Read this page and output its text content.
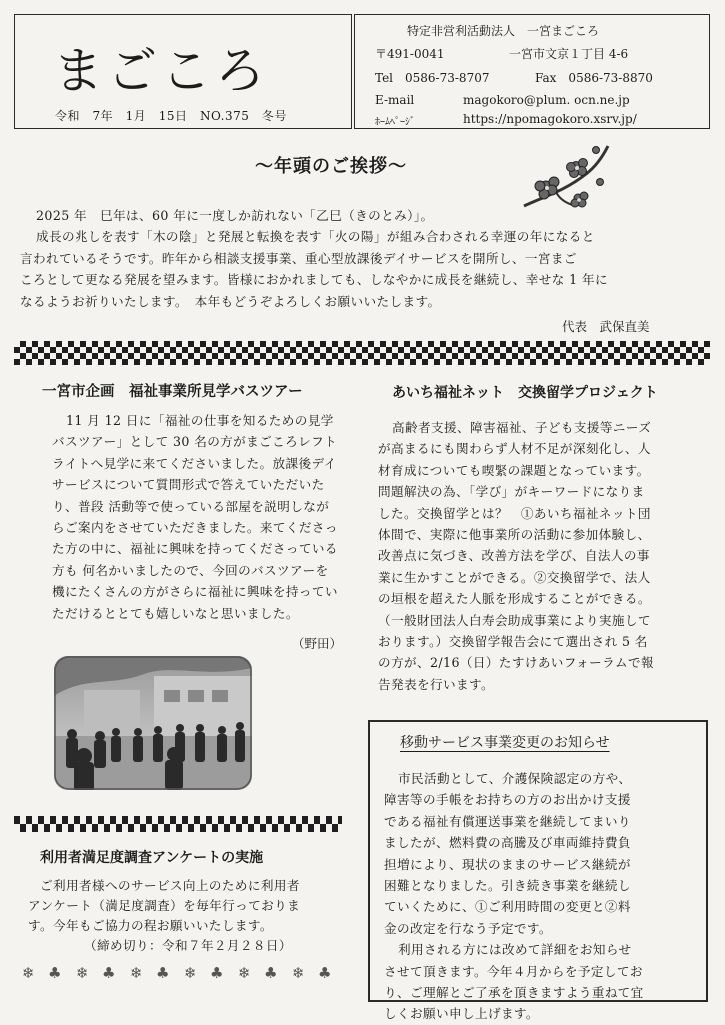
まごころ
令和　7年　1月　15日　NO.375　冬号
特定非営利活動法人　一宮まごころ
〒491-0041	一宮市文京１丁目 4-6
Tel　0586-73-8707	Fax　0586-73-8870
E-mail	magokoro@plum. ocn.ne.jp
ﾎｰﾑﾍﾟｰｼﾞ	https://npomagokoro.xsrv.jp/
～年頭のご挨拶～

2025 年　巳年は、60 年に一度しか訪れない「乙巳（きのとみ）」。

成長の兆しを表す「木の陰」と発展と転換を表す「火の陽」が組み合わされる幸運の年になると

言われているそうです。昨年から相談支援事業、重心型放課後デイサービスを開所し、一宮まご

ころとして更なる発展を望みます。皆様におかれましても、しなやかに成長を継続し、幸せな 1 年に

なるようお祈りいたします。　本年もどうぞよろしくお願いいたします。

代表　武保直美
一宮市企画　福祉事業所見学バスツアー

11 月 12 日に「福祉の仕事を知るための見学

バスツアー」として 30 名の方がまごころレフト

ライトへ見学に来てくださいました。放課後デイ

サービスについて質問形式で答えていただいた

り、普段 活動等で使っている部屋を説明しなが

らご案内をさせていただきました。来てくださっ

た方の中に、福祉に興味を持ってくださっている

方も 何名かいましたので、今回のバスツアーを

機にたくさんの方がさらに福祉に興味を持ってい

ただけるととても嬉しいなと思いました。

（野田）
利用者満足度調査アンケートの実施

ご利用者様へのサービス向上のために利用者

アンケート（満足度調査）を毎年行っておりま

す。今年もご協力の程お願いいたします。

（締め切り：令和７年２月２８日）

❄ ♣ ❄ ♣ ❄ ♣ ❄ ♣ ❄ ♣ ❄ ♣
あいち福祉ネット　交換留学プロジェクト

高齢者支援、障害福祉、子ども支援等ニーズ

が高まるにも関わらず人材不足が深刻化し、人

材育成についても喫緊の課題となっています。

問題解決の為、「学び」がキーワードになりま

した。交換留学とは？　①あいち福祉ネット団

体間で、実際に他事業所の活動に参加体験し、

改善点に気づき、改善方法を学び、自法人の事

業に生かすことができる。②交換留学で、法人

の垣根を超えた人脈を形成することができる。

（一般財団法人白寿会助成事業により実施して

おります。）交換留学報告会にて選出され 5 名

の方が、2/16（日）たすけあいフォーラムで報

告発表を行います。

移動サービス事業変更のお知らせ

市民活動として、介護保険認定の方や、

障害等の手帳をお持ちの方のお出かけ支援

である福祉有償運送事業を継続してまいり

ましたが、燃料費の高騰及び車両維持費負

担増により、現状のままのサービス継続が

困難となりました。引き続き事業を継続し

ていくために、①ご利用時間の変更と②料

金の改定を行なう予定です。

利用される方には改めて詳細をお知らせ

させて頂きます。今年４月からを予定してお

り、ご理解とご了承を頂きますよう重ねて宜

しくお願い申し上げます。
